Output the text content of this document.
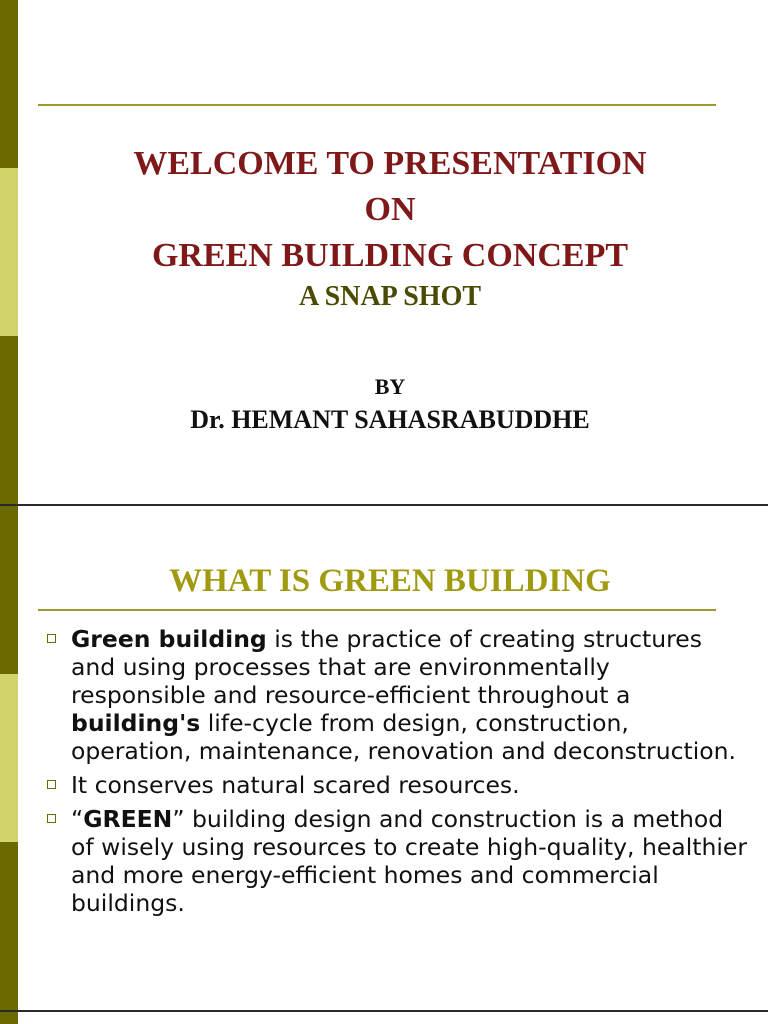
WELCOME TO PRESENTATION
ON
GREEN BUILDING CONCEPT
A SNAP SHOT
BY
Dr. HEMANT SAHASRABUDDHE
WHAT IS GREEN BUILDING
Green building is the practice of creating structures and using processes that are environmentally responsible and resource-efficient throughout a building's life-cycle from design, construction, operation, maintenance, renovation and deconstruction.
It conserves natural scared resources.
“GREEN” building design and construction is a method of wisely using resources to create high-quality, healthier and more energy-efficient homes and commercial buildings.
